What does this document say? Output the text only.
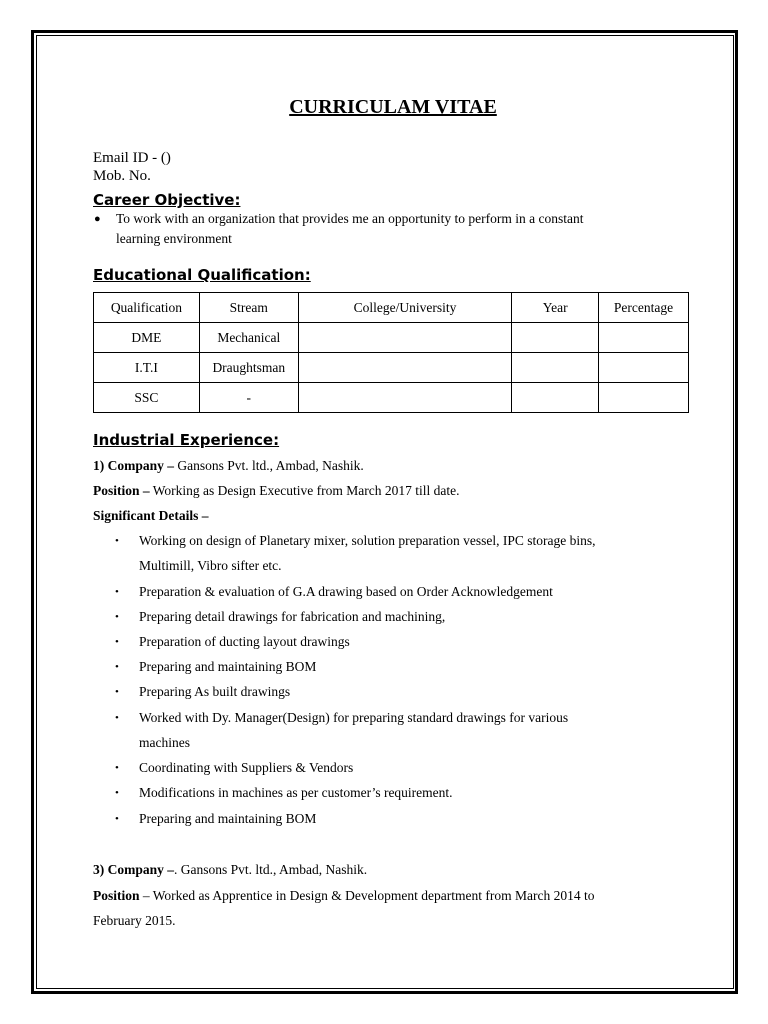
CURRICULAM VITAE
Email ID - ()
Mob. No.
Career Objective:
● To work with an organization that provides me an opportunity to perform in a constant
learning environment
Educational Qualification:
Qualification	Stream	College/University	Year	Percentage
DME	Mechanical			
I.T.I	Draughtsman			
SSC	-			
Industrial Experience:
1) Company – Gansons Pvt. ltd., Ambad, Nashik.
Position – Working as Design Executive from March 2017 till date.
Significant Details –
• Working on design of Planetary mixer, solution preparation vessel, IPC storage bins,
Multimill, Vibro sifter etc.
• Preparation & evaluation of G.A drawing based on Order Acknowledgement
• Preparing detail drawings for fabrication and machining,
• Preparation of ducting layout drawings
• Preparing and maintaining BOM
• Preparing As built drawings
• Worked with Dy. Manager(Design) for preparing standard drawings for various
machines
• Coordinating with Suppliers & Vendors
• Modifications in machines as per customer’s requirement.
• Preparing and maintaining BOM
3) Company –. Gansons Pvt. ltd., Ambad, Nashik.
Position – Worked as Apprentice in Design & Development department from March 2014 to
February 2015.
